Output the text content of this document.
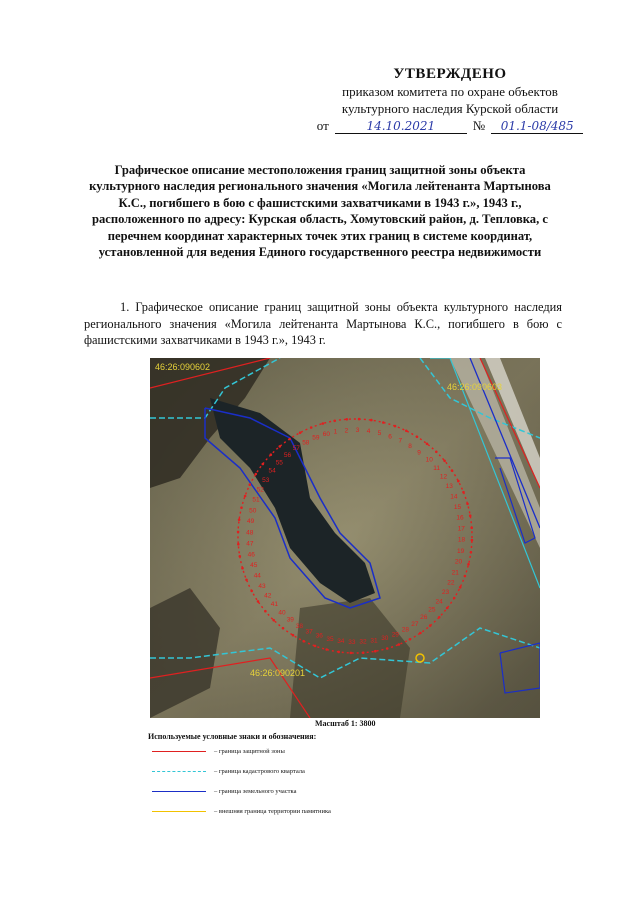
УТВЕРЖДЕНО
приказом комитета по охране объектов
культурного наследия Курской области
от	14.10.2021	№	01.1-08/485
Графическое описание местоположения границ защитной зоны объекта культурного наследия регионального значения «Могила лейтенанта Мартынова К.С., погибшего в бою с фашистскими захватчиками в 1943 г.», 1943 г., расположенного по адресу: Курская область, Хомутовский район, д. Тепловка, с перечнем координат характерных точек этих границ в системе координат, установленной для ведения Единого государственного реестра недвижимости
1. Графическое описание границ защитной зоны объекта культурного наследия регионального значения «Могила лейтенанта Мартынова К.С., погибшего в бою с фашистскими захватчиками в 1943 г.», 1943 г.
1 2 3 4 5 6
7
8
9
10
11
12
13
14
15
16
17
18
19
20
21
22
23
24
25
26
27
28
29
30
31
32
33
34
35
36
37
38
39
40
41
42
43
44
45
46
47
48
49
50
51
52
53
54
55
56
57
58
59
60
46:26:090602
46:26:090603
46:26:090201
Масштаб 1: 3800
Используемые условные знаки и обозначения:
– граница защитной зоны
– граница кадастрового квартала
– граница земельного участка
– внешняя граница территории памятника
